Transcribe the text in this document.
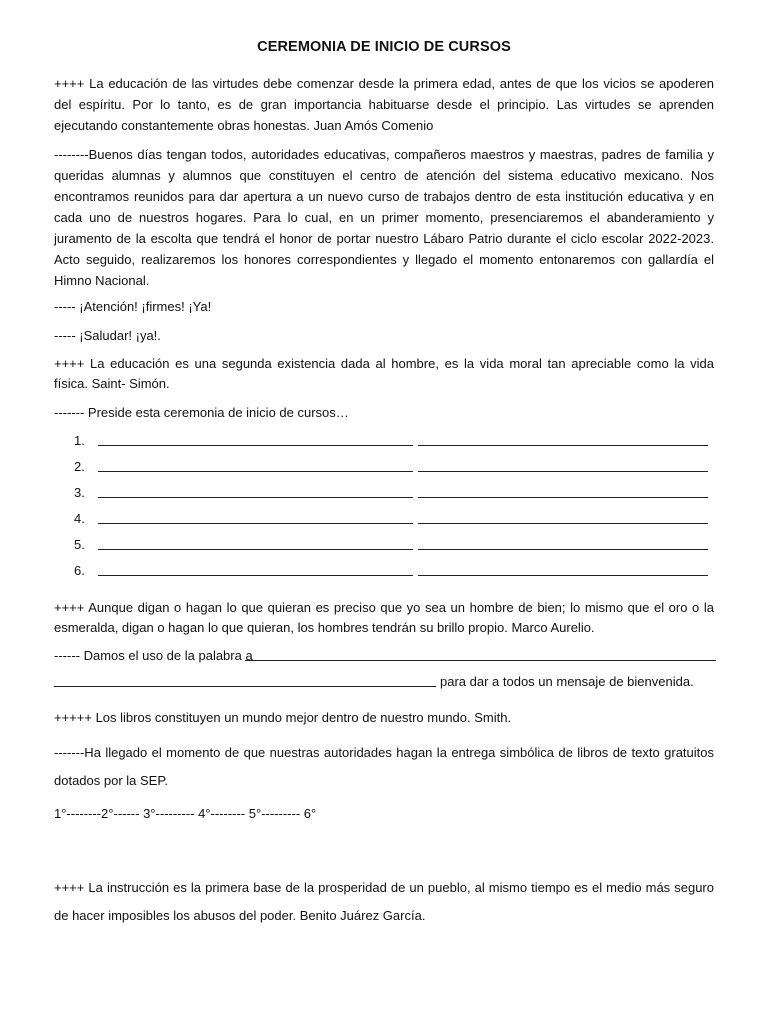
CEREMONIA DE INICIO DE CURSOS

++++ La educación de las virtudes debe comenzar desde la primera edad, antes de que los vicios se apoderen del espíritu. Por lo tanto, es de gran importancia habituarse desde el principio. Las virtudes se aprenden ejecutando constantemente obras honestas. Juan Amós Comenio

--------Buenos días tengan todos, autoridades educativas, compañeros maestros y maestras, padres de familia y queridas alumnas y alumnos que constituyen el centro de atención del sistema educativo mexicano. Nos encontramos reunidos para dar apertura a un nuevo curso de trabajos dentro de esta institución educativa y en cada uno de nuestros hogares. Para lo cual, en un primer momento, presenciaremos el abanderamiento y juramento de la escolta que tendrá el honor de portar nuestro Lábaro Patrio durante el ciclo escolar 2022-2023. Acto seguido, realizaremos los honores correspondientes y llegado el momento entonaremos con gallardía el Himno Nacional.

----- ¡Atención! ¡firmes! ¡Ya!

----- ¡Saludar! ¡ya!.

++++ La educación es una segunda existencia dada al hombre, es la vida moral tan apreciable como la vida física. Saint- Simón.

------- Preside esta ceremonia de inicio de cursos…

1.
2.
3.
4.
5.
6.

++++ Aunque digan o hagan lo que quieran es preciso que yo sea un hombre de bien; lo mismo que el oro o la esmeralda, digan o hagan lo que quieran, los hombres tendrán su brillo propio. Marco Aurelio.

------ Damos el uso de la palabra a
para dar a todos un mensaje de bienvenida.

+++++ Los libros constituyen un mundo mejor dentro de nuestro mundo. Smith.

-------Ha llegado el momento de que nuestras autoridades hagan la entrega simbólica de libros de texto gratuitos dotados por la SEP.

1°--------2°------ 3°--------- 4°-------- 5°--------- 6°

++++ La instrucción es la primera base de la prosperidad de un pueblo, al mismo tiempo es el medio más seguro de hacer imposibles los abusos del poder. Benito Juárez García.
